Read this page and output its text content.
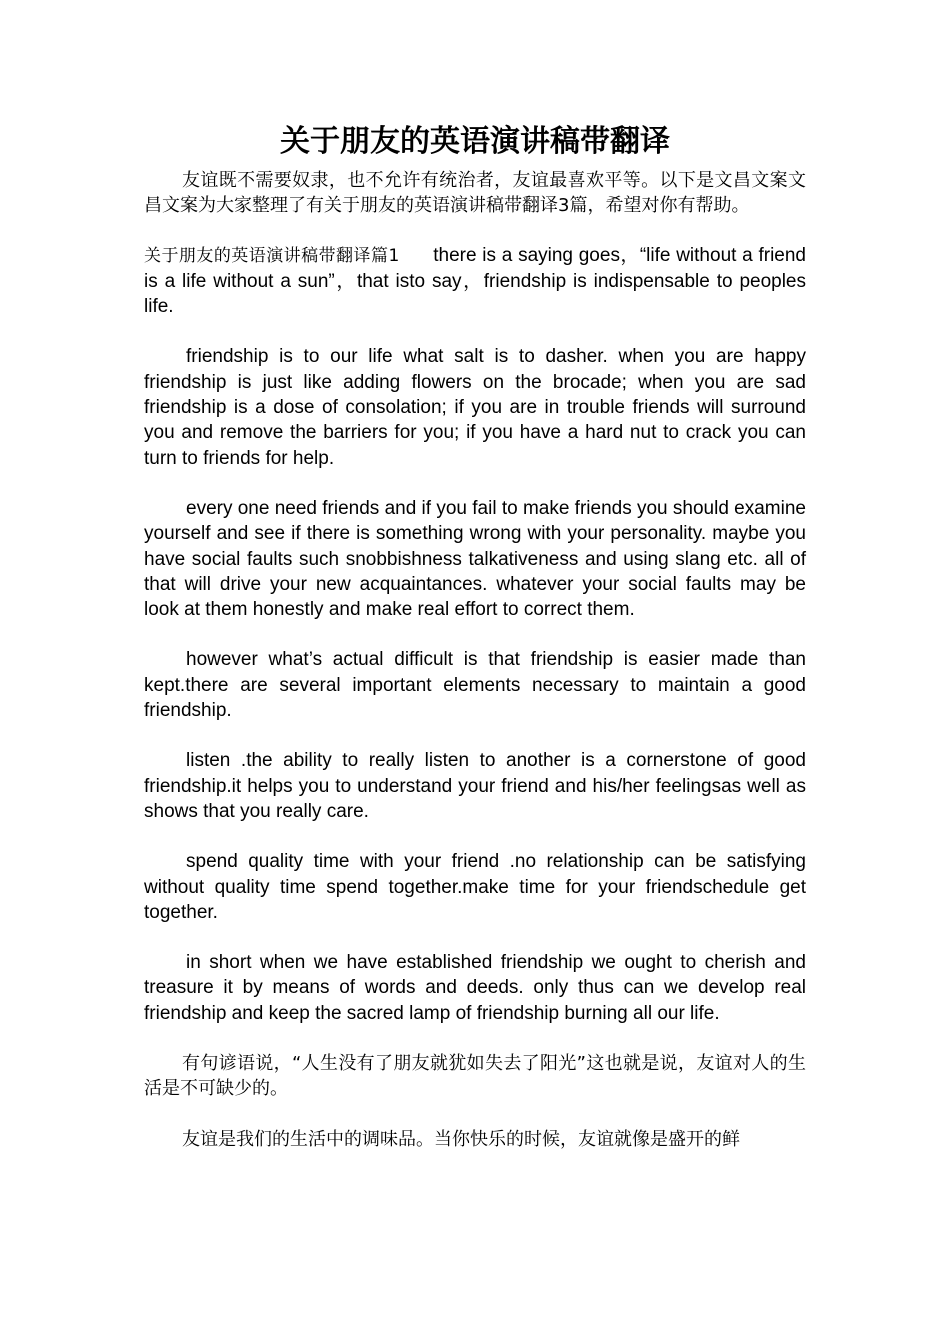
关于朋友的英语演讲稿带翻译

友谊既不需要奴隶，也不允许有统治者，友谊最喜欢平等。以下是文昌文案文昌文案为大家整理了有关于朋友的英语演讲稿带翻译3篇，希望对你有帮助。

关于朋友的英语演讲稿带翻译篇1 there is a saying goes，“life without a friend is a life without a sun”，that isto say，friendship is indispensable to peoples life.

friendship is to our life what salt is to dasher. when you are happy friendship is just like adding flowers on the brocade; when you are sad friendship is a dose of consolation; if you are in trouble friends will surround you and remove the barriers for you; if you have a hard nut to crack you can turn to friends for help.

every one need friends and if you fail to make friends you should examine yourself and see if there is something wrong with your personality. maybe you have social faults such snobbishness talkativeness and using slang etc. all of that will drive your new acquaintances. whatever your social faults may be look at them honestly and make real effort to correct them.

however what’s actual difficult is that friendship is easier made than kept.there are several important elements necessary to maintain a good friendship.

listen .the ability to really listen to another is a cornerstone of good friendship.it helps you to understand your friend and his/her feelingsas well as shows that you really care.

spend quality time with your friend .no relationship can be satisfying without quality time spend together.make time for your friendschedule get together.

in short when we have established friendship we ought to cherish and treasure it by means of words and deeds. only thus can we develop real friendship and keep the sacred lamp of friendship burning all our life.

有句谚语说，“人生没有了朋友就犹如失去了阳光”这也就是说，友谊对人的生活是不可缺少的。

友谊是我们的生活中的调味品。当你快乐的时候，友谊就像是盛开的鲜
